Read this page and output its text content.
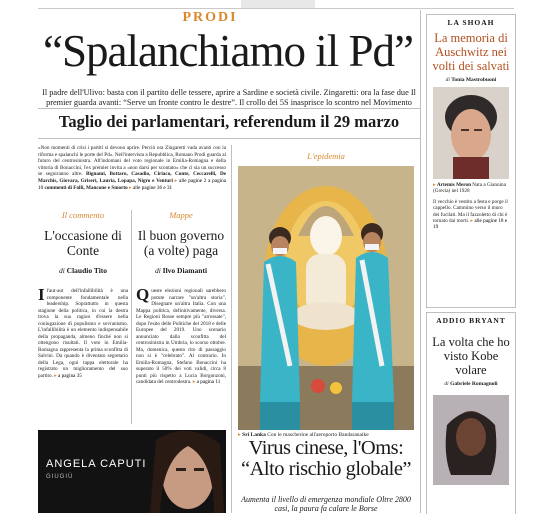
PRODI
“Spalanchiamo il Pd”
Il padre dell'Ulivo: basta con il partito delle tessere, aprire a Sardine e società civile. Zingaretti: ora la fase due Il premier guarda avanti: “Serve un fronte contro le destre”. Il crollo dei 5S inasprisce lo scontro nel Movimento
Taglio dei parlamentari, referendum il 29 marzo
«Non momenti di crisi i partiti si devono aprire. Perciò ora Zingaretti vada avanti con la riforma e spalanchi le porte del Pd». Nell'intervista a Repubblica, Romano Prodi guarda al futuro del centrosinistra. All'indomani del voto regionale in Emilia-Romagna e della vittoria di Bonaccini, l'ex premier invita a «non darsi per scontato» che ci sia un successo se seguiranno altre. Bignami, Bottaro, Casadio, Ciriaco, Conte, Ceccarelli, De Marchis, Giovara, Griseri, Lauria, Lopapa, Nigro e Venturi ▸ alle pagine 2 a pagina 10 commenti di Folli, Mancone e Smorto ▸ alle pagine 36 e 31
Il commento
L'occasione di Conte
di Claudio Tito
Il'aut-aut dell'infallibilità è una componente fondamentale nella leadership. Soprattutto in questa stagione della politica, in cui la destra trova la sua ragion d'essere nella coniugazione di populismo e sovranismo. L'infallibilità è un elemento indispensabile della propaganda, almeno finché non si ottengono risultati. Il voto in Emilia-Romagna rappresenta la prima sconfitta di Salvini. Da quando è diventato segretario della Lega, ogni tappa elettorale ha registrato un miglioramento del suo partito. ▸ a pagina 35
Mappe
Il buon governo (a volte) paga
di Ilvo Diamanti
Queste elezioni regionali sarebbero potute narrare "un'altra storia". Disegnare un'altra Italia. Con una Mappa politica, definitivamente, diversa. Le Regioni Rosse sempre più "arrossate", dopo l'esito delle Politiche del 2018 e delle Europee del 2019. Uno scenario annunciato dalla sconfitta del centrosinistra in Umbria, lo scorso ottobre. Ma, domenica, questo rito di passaggio non si è "celebrato". Al contrario. In Emilia-Romagna, Stefano Bonaccini ha superato il 50% dei voti validi, circa 8 punti più rispetto a Lucia Borgonzoni, candidata del centrodestra. ▸ a pagina 11
L'epidemia
▸ Sri Lanka Con le mascherine all'aeroporto Bandaranaike
Virus cinese, l'Oms: “Alto rischio globale”
Aumenta il livello di emergenza mondiale Oltre 2800 casi, la paura fa calare le Borse
ANGELA CAPUTI
GIUGIÙ
LA SHOAH
La memoria di Auschwitz nei volti dei salvati
di Tonia Mastrobuoni
▸ Artemis Meron Nata a Giannina (Grecia) nel 1928
Il vecchio è vestito a festa e porge il cappello. Cammino verso il muro dei fucilati. Ma il fazzoletto di chi è tornato dai morti. ▸ alle pagine 18 e 19
ADDIO BRYANT
La volta che ho visto Kobe volare
di Gabriele Romagnoli
